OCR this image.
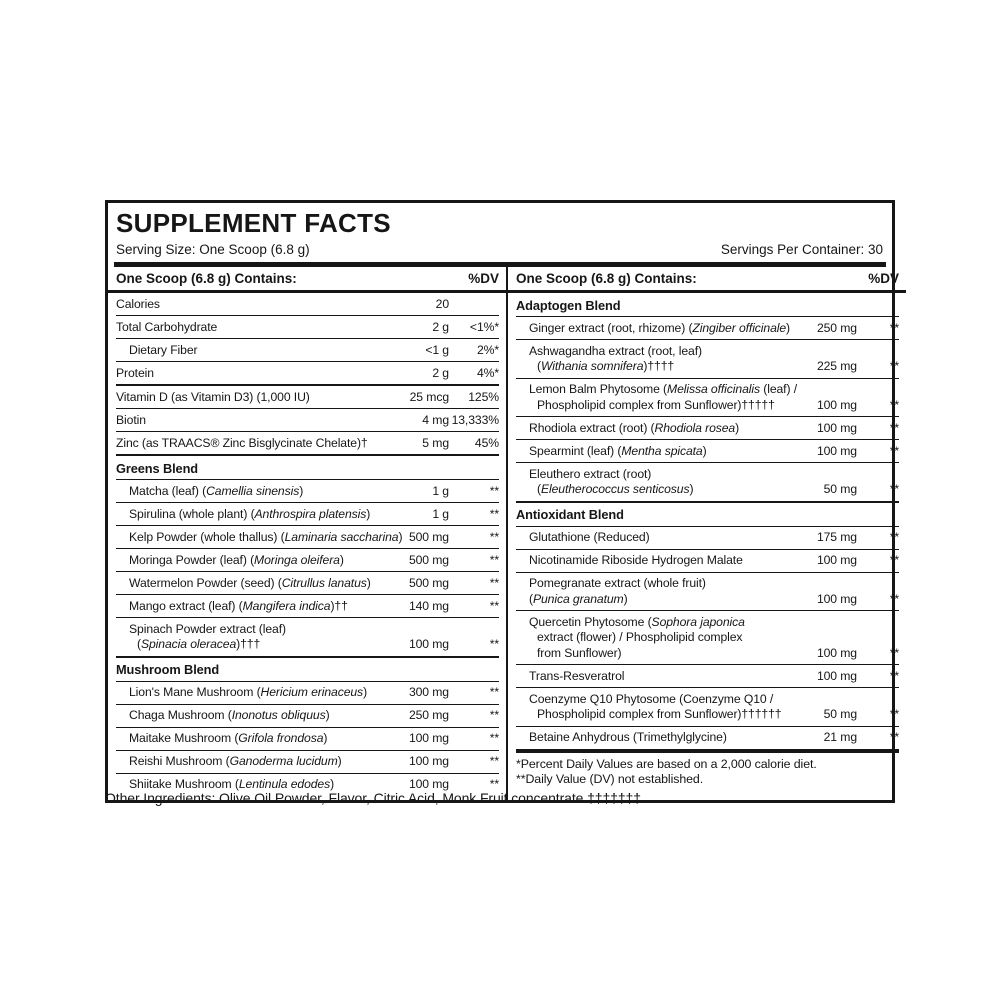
SUPPLEMENT FACTS
Serving Size: One Scoop (6.8 g)	Servings Per Container: 30
One Scoop (6.8 g) Contains:	%DV
Calories	20
Total Carbohydrate	2 g	<1%*
Dietary Fiber	<1 g	2%*
Protein	2 g	4%*
Vitamin D (as Vitamin D3) (1,000 IU)	25 mcg	125%
Biotin	4 mg 13,333%
Zinc (as TRAACS® Zinc Bisglycinate Chelate)†	5 mg	45%
Greens Blend
Matcha (leaf) (Camellia sinensis)	1 g	**
Spirulina (whole plant) (Anthrospira platensis)	1 g	**
Kelp Powder (whole thallus) (Laminaria saccharina) 500 mg	**
Moringa Powder (leaf) (Moringa oleifera)	500 mg	**
Watermelon Powder (seed) (Citrullus lanatus)	500 mg	**
Mango extract (leaf) (Mangifera indica)††	140 mg	**
Spinach Powder extract (leaf)
(Spinacia oleracea)†††	100 mg	**
Mushroom Blend
Lion's Mane Mushroom (Hericium erinaceus)	300 mg	**
Chaga Mushroom (Inonotus obliquus)	250 mg	**
Maitake Mushroom (Grifola frondosa)	100 mg	**
Reishi Mushroom (Ganoderma lucidum)	100 mg	**
Shiitake Mushroom (Lentinula edodes)	100 mg	**
One Scoop (6.8 g) Contains:	%DV
Adaptogen Blend
Ginger extract (root, rhizome) (Zingiber officinale)	250 mg	**
Ashwagandha extract (root, leaf)
(Withania somnifera)††††	225 mg	**
Lemon Balm Phytosome (Melissa officinalis (leaf) /
Phospholipid complex from Sunflower)†††††	100 mg	**
Rhodiola extract (root) (Rhodiola rosea)	100 mg	**
Spearmint (leaf) (Mentha spicata)	100 mg	**
Eleuthero extract (root)
(Eleutherococcus senticosus)	50 mg	**
Antioxidant Blend
Glutathione (Reduced)	175 mg	**
Nicotinamide Riboside Hydrogen Malate	100 mg	**
Pomegranate extract (whole fruit)
(Punica granatum)	100 mg	**
Quercetin Phytosome (Sophora japonica
extract (flower) / Phospholipid complex
from Sunflower)	100 mg	**
Trans-Resveratrol	100 mg	**
Coenzyme Q10 Phytosome (Coenzyme Q10 /
Phospholipid complex from Sunflower)††††††	50 mg	**
Betaine Anhydrous (Trimethylglycine)	21 mg	**
*Percent Daily Values are based on a 2,000 calorie diet.
**Daily Value (DV) not established.
Other Ingredients: Olive Oil Powder, Flavor, Citric Acid, Monk Fruit concentrate.†††††††
